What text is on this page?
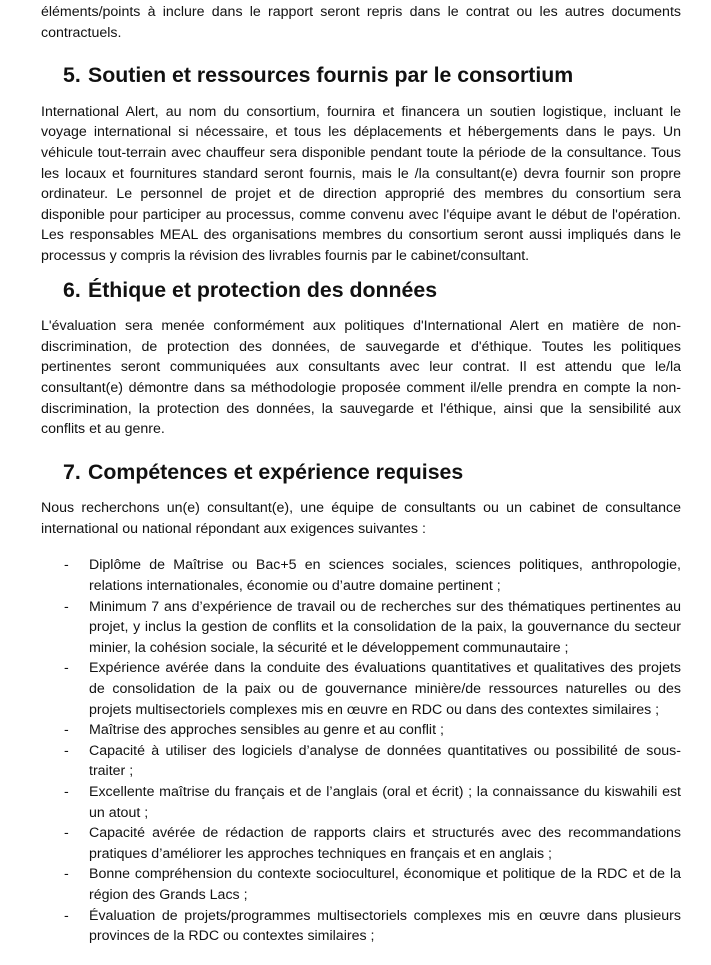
éléments/points à inclure dans le rapport seront repris dans le contrat ou les autres documents contractuels.

5. Soutien et ressources fournis par le consortium

International Alert, au nom du consortium, fournira et financera un soutien logistique, incluant le voyage international si nécessaire, et tous les déplacements et hébergements dans le pays. Un véhicule tout-terrain avec chauffeur sera disponible pendant toute la période de la consultance. Tous les locaux et fournitures standard seront fournis, mais le /la consultant(e) devra fournir son propre ordinateur. Le personnel de projet et de direction approprié des membres du consortium sera disponible pour participer au processus, comme convenu avec l'équipe avant le début de l'opération. Les responsables MEAL des organisations membres du consortium seront aussi impliqués dans le processus y compris la révision des livrables fournis par le cabinet/consultant.

6. Éthique et protection des données

L'évaluation sera menée conformément aux politiques d'International Alert en matière de non-discrimination, de protection des données, de sauvegarde et d'éthique. Toutes les politiques pertinentes seront communiquées aux consultants avec leur contrat. Il est attendu que le/la consultant(e) démontre dans sa méthodologie proposée comment il/elle prendra en compte la non-discrimination, la protection des données, la sauvegarde et l'éthique, ainsi que la sensibilité aux conflits et au genre.

7. Compétences et expérience requises

Nous recherchons un(e) consultant(e), une équipe de consultants ou un cabinet de consultance international ou national répondant aux exigences suivantes :

- Diplôme de Maîtrise ou Bac+5 en sciences sociales, sciences politiques, anthropologie, relations internationales, économie ou d’autre domaine pertinent ;
- Minimum 7 ans d’expérience de travail ou de recherches sur des thématiques pertinentes au projet, y inclus la gestion de conflits et la consolidation de la paix, la gouvernance du secteur minier, la cohésion sociale, la sécurité et le développement communautaire ;
- Expérience avérée dans la conduite des évaluations quantitatives et qualitatives des projets de consolidation de la paix ou de gouvernance minière/de ressources naturelles ou des projets multisectoriels complexes mis en œuvre en RDC ou dans des contextes similaires ;
- Maîtrise des approches sensibles au genre et au conflit ;
- Capacité à utiliser des logiciels d’analyse de données quantitatives ou possibilité de sous-traiter ;
- Excellente maîtrise du français et de l’anglais (oral et écrit) ; la connaissance du kiswahili est un atout ;
- Capacité avérée de rédaction de rapports clairs et structurés avec des recommandations pratiques d’améliorer les approches techniques en français et en anglais ;
- Bonne compréhension du contexte socioculturel, économique et politique de la RDC et de la région des Grands Lacs ;
- Évaluation de projets/programmes multisectoriels complexes mis en œuvre dans plusieurs provinces de la RDC ou contextes similaires ;
